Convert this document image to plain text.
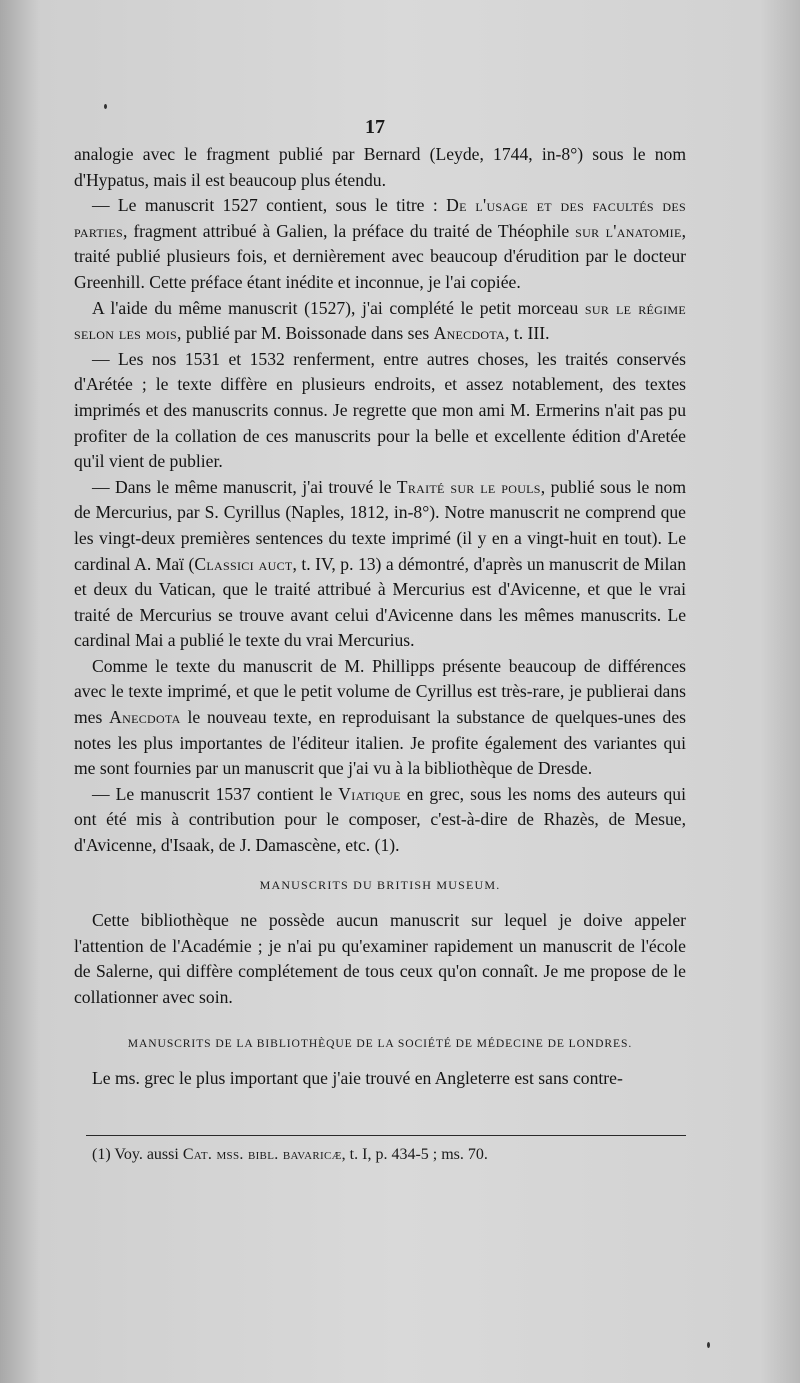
17

analogie avec le fragment publié par Bernard (Leyde, 1744, in-8°) sous le nom d'Hypatus, mais il est beaucoup plus étendu.

— Le manuscrit 1527 contient, sous le titre : De l'usage et des facultés des parties, fragment attribué à Galien, la préface du traité de Théophile sur l'anatomie, traité publié plusieurs fois, et dernièrement avec beaucoup d'érudition par le docteur Greenhill. Cette préface étant inédite et inconnue, je l'ai copiée.

A l'aide du même manuscrit (1527), j'ai complété le petit morceau sur le régime selon les mois, publié par M. Boissonade dans ses Anecdota, t. III.

— Les nos 1531 et 1532 renferment, entre autres choses, les traités conservés d'Arétée ; le texte diffère en plusieurs endroits, et assez notablement, des textes imprimés et des manuscrits connus. Je regrette que mon ami M. Ermerins n'ait pas pu profiter de la collation de ces manuscrits pour la belle et excellente édition d'Aretée qu'il vient de publier.

— Dans le même manuscrit, j'ai trouvé le Traité sur le pouls, publié sous le nom de Mercurius, par S. Cyrillus (Naples, 1812, in-8°). Notre manuscrit ne comprend que les vingt-deux premières sentences du texte imprimé (il y en a vingt-huit en tout). Le cardinal A. Maï (Classici auct, t. IV, p. 13) a démontré, d'après un manuscrit de Milan et deux du Vatican, que le traité attribué à Mercurius est d'Avicenne, et que le vrai traité de Mercurius se trouve avant celui d'Avicenne dans les mêmes manuscrits. Le cardinal Mai a publié le texte du vrai Mercurius.

Comme le texte du manuscrit de M. Phillipps présente beaucoup de différences avec le texte imprimé, et que le petit volume de Cyrillus est très-rare, je publierai dans mes Anecdota le nouveau texte, en reproduisant la substance de quelques-unes des notes les plus importantes de l'éditeur italien. Je profite également des variantes qui me sont fournies par un manuscrit que j'ai vu à la bibliothèque de Dresde.

— Le manuscrit 1537 contient le Viatique en grec, sous les noms des auteurs qui ont été mis à contribution pour le composer, c'est-à-dire de Rhazès, de Mesue, d'Avicenne, d'Isaak, de J. Damascène, etc. (1).

MANUSCRITS DU BRITISH MUSEUM.

Cette bibliothèque ne possède aucun manuscrit sur lequel je doive appeler l'attention de l'Académie ; je n'ai pu qu'examiner rapidement un manuscrit de l'école de Salerne, qui diffère complétement de tous ceux qu'on connaît. Je me propose de le collationner avec soin.

MANUSCRITS DE LA BIBLIOTHÈQUE DE LA SOCIÉTÉ DE MÉDECINE DE LONDRES.

Le ms. grec le plus important que j'aie trouvé en Angleterre est sans contre-

(1) Voy. aussi Cat. mss. bibl. bavaricæ, t. I, p. 434-5 ; ms. 70.
